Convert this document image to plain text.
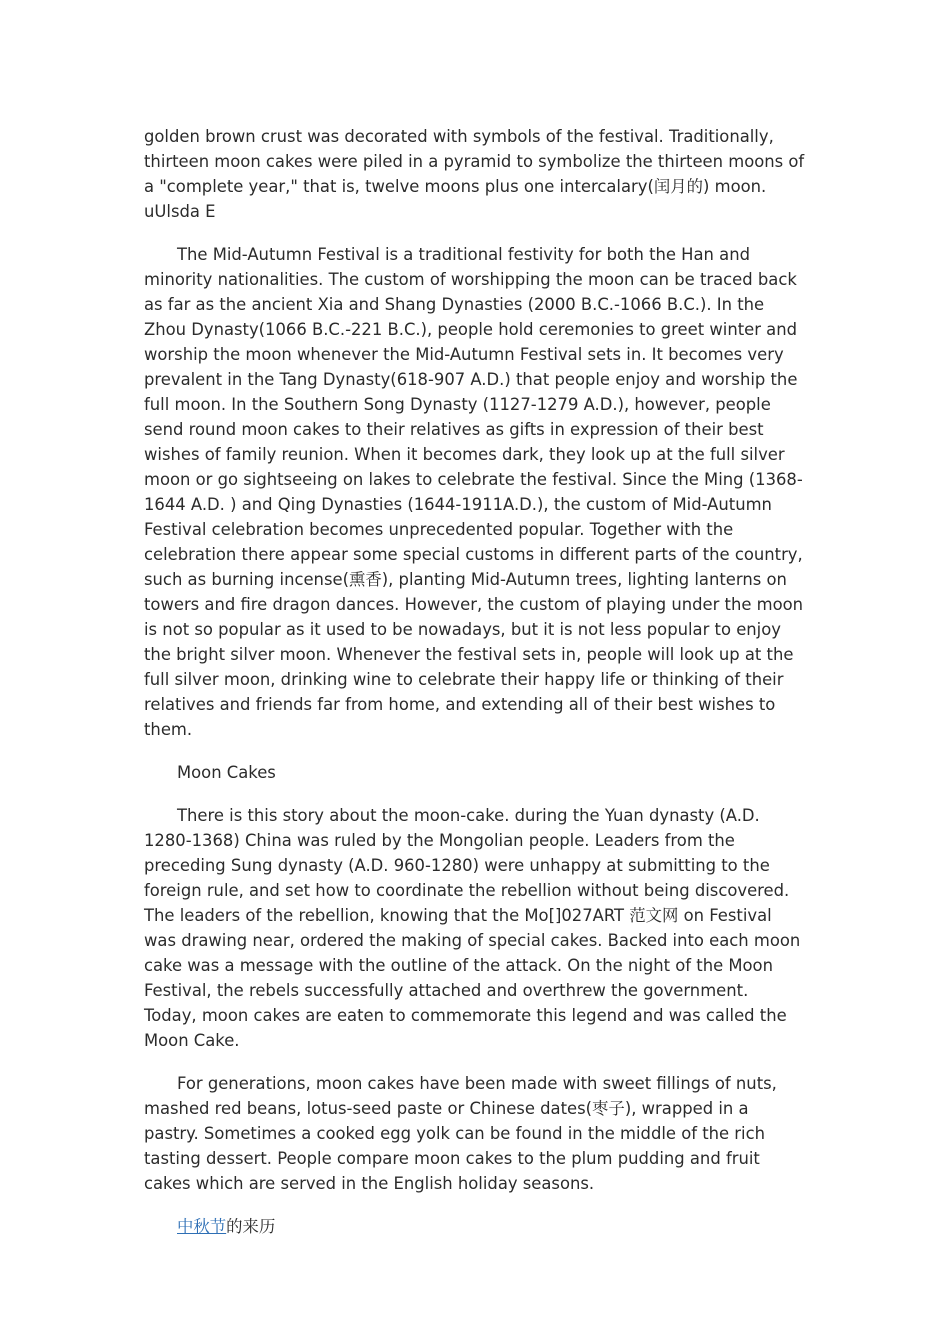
golden brown crust was decorated with symbols of the festival. Traditionally, thirteen moon cakes were piled in a pyramid to symbolize the thirteen moons of a "complete year," that is, twelve moons plus one intercalary(闰月的) moon. uUlsda E

The Mid-Autumn Festival is a traditional festivity for both the Han and minority nationalities. The custom of worshipping the moon can be traced back as far as the ancient Xia and Shang Dynasties (2000 B.C.-1066 B.C.). In the Zhou Dynasty(1066 B.C.-221 B.C.), people hold ceremonies to greet winter and worship the moon whenever the Mid-Autumn Festival sets in. It becomes very prevalent in the Tang Dynasty(618-907 A.D.) that people enjoy and worship the full moon. In the Southern Song Dynasty (1127-1279 A.D.), however, people send round moon cakes to their relatives as gifts in expression of their best wishes of family reunion. When it becomes dark, they look up at the full silver moon or go sightseeing on lakes to celebrate the festival. Since the Ming (1368-1644 A.D. ) and Qing Dynasties (1644-1911A.D.), the custom of Mid-Autumn Festival celebration becomes unprecedented popular. Together with the celebration there appear some special customs in different parts of the country, such as burning incense(熏香), planting Mid-Autumn trees, lighting lanterns on towers and fire dragon dances. However, the custom of playing under the moon is not so popular as it used to be nowadays, but it is not less popular to enjoy the bright silver moon. Whenever the festival sets in, people will look up at the full silver moon, drinking wine to celebrate their happy life or thinking of their relatives and friends far from home, and extending all of their best wishes to them.

Moon Cakes

There is this story about the moon-cake. during the Yuan dynasty (A.D. 1280-1368) China was ruled by the Mongolian people. Leaders from the preceding Sung dynasty (A.D. 960-1280) were unhappy at submitting to the foreign rule, and set how to coordinate the rebellion without being discovered. The leaders of the rebellion, knowing that the Mo[]027ART 范文网 on Festival was drawing near, ordered the making of special cakes. Backed into each moon cake was a message with the outline of the attack. On the night of the Moon Festival, the rebels successfully attached and overthrew the government. Today, moon cakes are eaten to commemorate this legend and was called the Moon Cake.

For generations, moon cakes have been made with sweet fillings of nuts, mashed red beans, lotus-seed paste or Chinese dates(枣子), wrapped in a pastry. Sometimes a cooked egg yolk can be found in the middle of the rich tasting dessert. People compare moon cakes to the plum pudding and fruit cakes which are served in the English holiday seasons.

中秋节的来历
